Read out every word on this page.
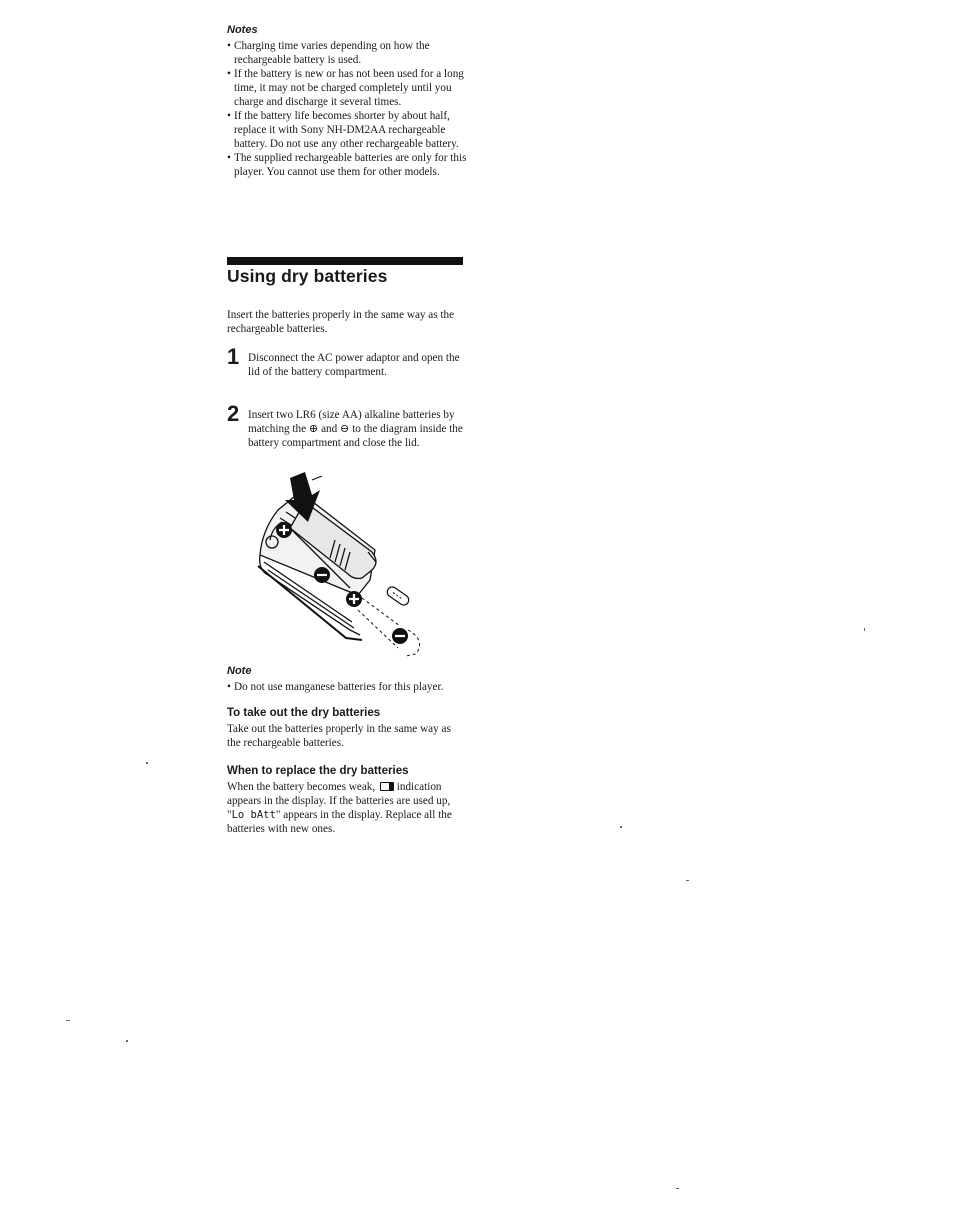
Notes
• Charging time varies depending on how the rechargeable battery is used.
• If the battery is new or has not been used for a long time, it may not be charged completely until you charge and discharge it several times.
• If the battery life becomes shorter by about half, replace it with Sony NH-DM2AA rechargeable battery. Do not use any other rechargeable battery.
• The supplied rechargeable batteries are only for this player. You cannot use them for other models.
Using dry batteries
Insert the batteries properly in the same way as the rechargeable batteries.
1 Disconnect the AC power adaptor and open the lid of the battery compartment.
2 Insert two LR6 (size AA) alkaline batteries by matching the ⊕ and ⊖ to the diagram inside the battery compartment and close the lid.
Note
• Do not use manganese batteries for this player.
To take out the dry batteries
Take out the batteries properly in the same way as the rechargeable batteries.
When to replace the dry batteries
When the battery becomes weak, indication appears in the display. If the batteries are used up, "Lo bAtt" appears in the display. Replace all the batteries with new ones.
